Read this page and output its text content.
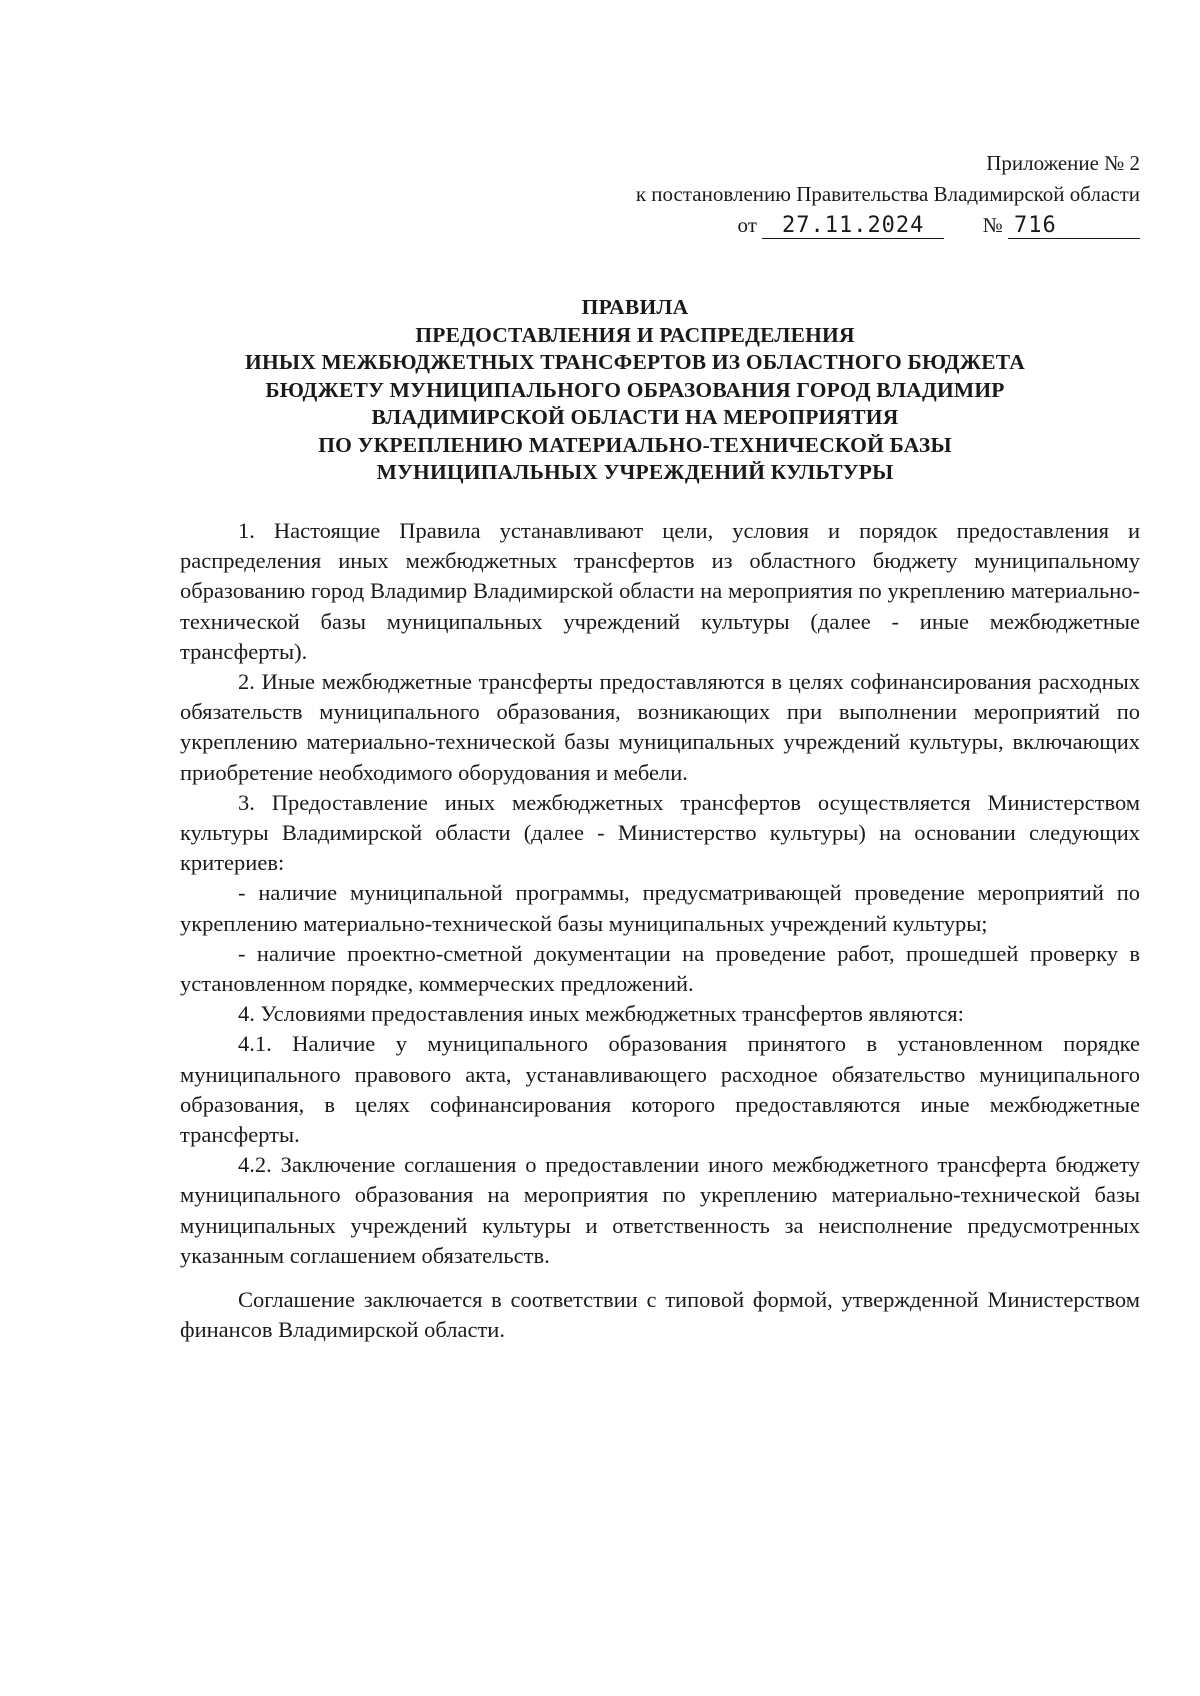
Приложение № 2
к постановлению Правительства Владимирской области
от 27.11.2024	№ 716
ПРАВИЛА
ПРЕДОСТАВЛЕНИЯ И РАСПРЕДЕЛЕНИЯ
ИНЫХ МЕЖБЮДЖЕТНЫХ ТРАНСФЕРТОВ ИЗ ОБЛАСТНОГО БЮДЖЕТА
БЮДЖЕТУ МУНИЦИПАЛЬНОГО ОБРАЗОВАНИЯ ГОРОД ВЛАДИМИР
ВЛАДИМИРСКОЙ ОБЛАСТИ НА МЕРОПРИЯТИЯ
ПО УКРЕПЛЕНИЮ МАТЕРИАЛЬНО-ТЕХНИЧЕСКОЙ БАЗЫ
МУНИЦИПАЛЬНЫХ УЧРЕЖДЕНИЙ КУЛЬТУРЫ

1. Настоящие Правила устанавливают цели, условия и порядок предоставления и распределения иных межбюджетных трансфертов из областного бюджету муниципальному образованию город Владимир Владимирской области на мероприятия по укреплению материально-технической базы муниципальных учреждений культуры (далее - иные межбюджетные трансферты).

2. Иные межбюджетные трансферты предоставляются в целях софинансирования расходных обязательств муниципального образования, возникающих при выполнении мероприятий по укреплению материально-технической базы муниципальных учреждений культуры, включающих приобретение необходимого оборудования и мебели.

3. Предоставление иных межбюджетных трансфертов осуществляется Министерством культуры Владимирской области (далее - Министерство культуры) на основании следующих критериев:

- наличие муниципальной программы, предусматривающей проведение мероприятий по укреплению материально-технической базы муниципальных учреждений культуры;

- наличие проектно-сметной документации на проведение работ, прошедшей проверку в установленном порядке, коммерческих предложений.

4. Условиями предоставления иных межбюджетных трансфертов являются:

4.1. Наличие у муниципального образования принятого в установленном порядке муниципального правового акта, устанавливающего расходное обязательство муниципального образования, в целях софинансирования которого предоставляются иные межбюджетные трансферты.

4.2. Заключение соглашения о предоставлении иного межбюджетного трансферта бюджету муниципального образования на мероприятия по укреплению материально-технической базы муниципальных учреждений культуры и ответственность за неисполнение предусмотренных указанным соглашением обязательств.

Соглашение заключается в соответствии с типовой формой, утвержденной Министерством финансов Владимирской области.
